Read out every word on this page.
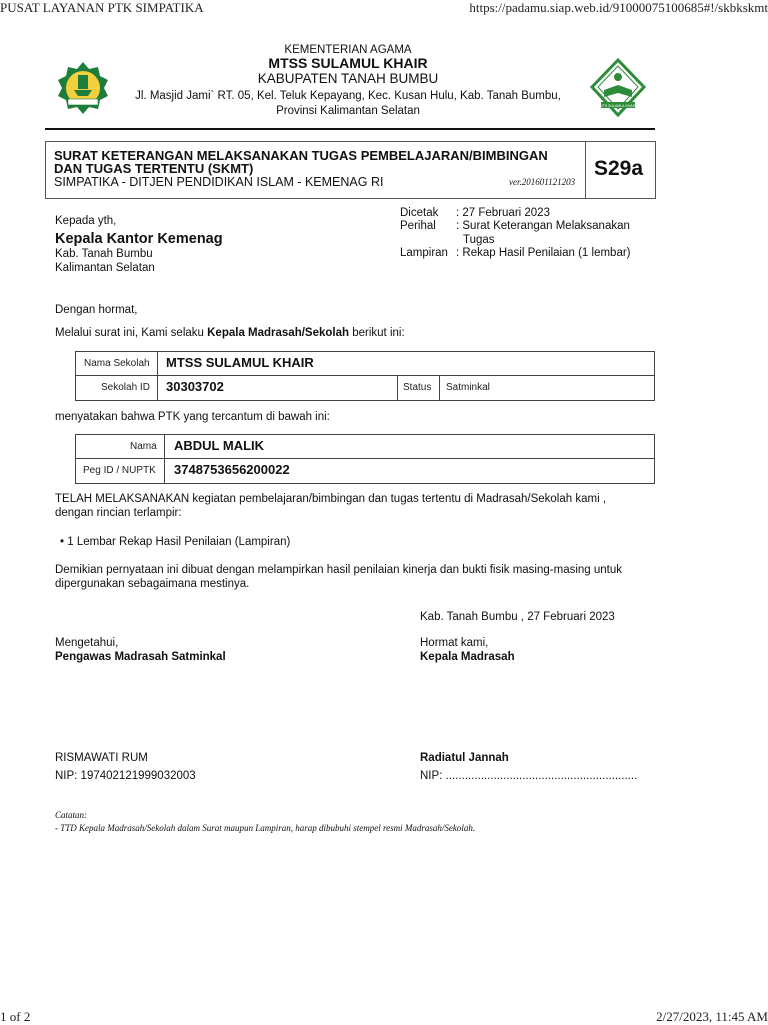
PUSAT LAYANAN PTK SIMPATIKA	https://padamu.siap.web.id/91000075100685#!/skbkskmt
1 of 2	2/27/2023, 11:45 AM
MTS SULAMUL KHAIR
KEMENTERIAN AGAMA
MTSS SULAMUL KHAIR
KABUPATEN TANAH BUMBU
Jl. Masjid Jami` RT. 05, Kel. Teluk Kepayang, Kec. Kusan Hulu, Kab. Tanah Bumbu,
Provinsi Kalimantan Selatan
SURAT KETERANGAN MELAKSANAKAN TUGAS PEMBELAJARAN/BIMBINGAN
DAN TUGAS TERTENTU (SKMT)
SIMPATIKA - DITJEN PENDIDIKAN ISLAM - KEMENAG RI	ver.201601121203
S29a
Kepada yth,
Kepala Kantor Kemenag
Kab. Tanah Bumbu
Kalimantan Selatan
Dicetak : 27 Februari 2023
Perihal : Surat Keterangan Melaksanakan
Tugas
Lampiran : Rekap Hasil Penilaian (1 lembar)
Dengan hormat,
Melalui surat ini, Kami selaku Kepala Madrasah/Sekolah berikut ini:
Nama Sekolah MTSS SULAMUL KHAIR
Sekolah ID 30303702	Status Satminkal
menyatakan bahwa PTK yang tercantum di bawah ini:
Nama ABDUL MALIK
Peg ID / NUPTK 3748753656200022
TELAH MELAKSANAKAN kegiatan pembelajaran/bimbingan dan tugas tertentu di Madrasah/Sekolah kami ,
dengan rincian terlampir:
• 1 Lembar Rekap Hasil Penilaian (Lampiran)
Demikian pernyataan ini dibuat dengan melampirkan hasil penilaian kinerja dan bukti fisik masing-masing untuk
dipergunakan sebagaimana mestinya.
Kab. Tanah Bumbu , 27 Februari 2023
Mengetahui,
Pengawas Madrasah Satminkal
Hormat kami,
Kepala Madrasah
RISMAWATI RUM
NIP: 197402121999032003
Radiatul Jannah
NIP: ............................................................
Catatan:
- TTD Kepala Madrasah/Sekolah dalam Surat maupun Lampiran, harap dibubuhi stempel resmi Madrasah/Sekolah.
